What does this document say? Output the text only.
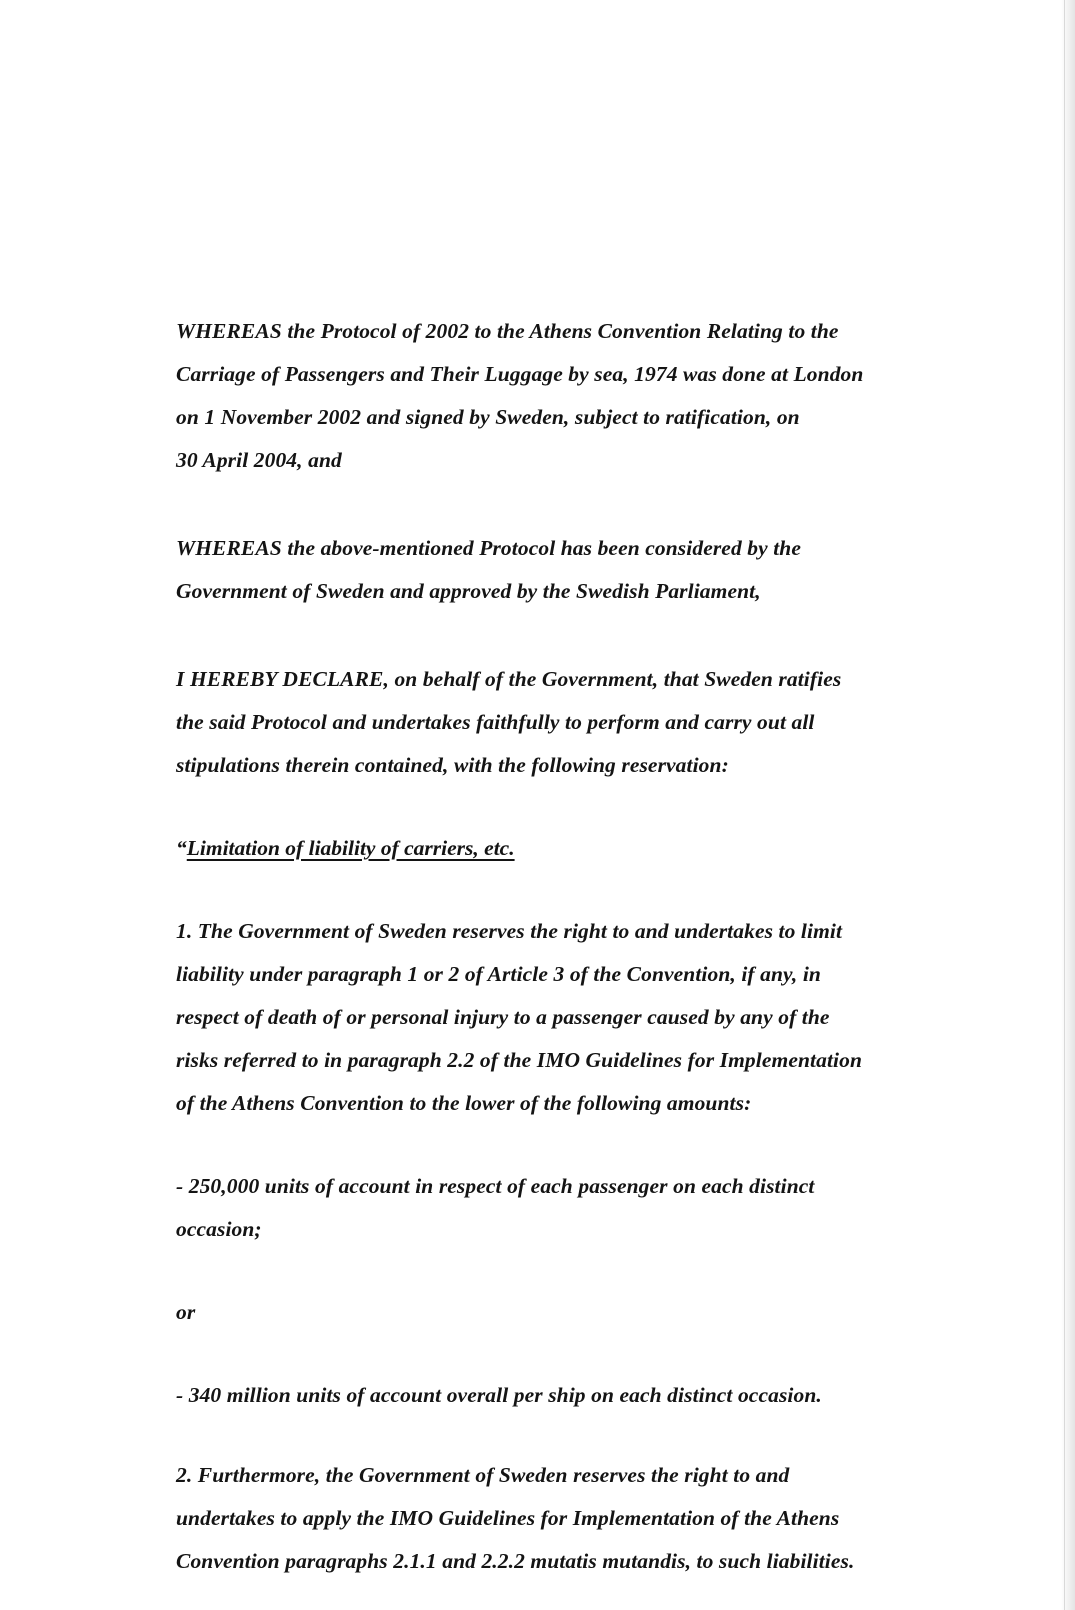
WHEREAS the Protocol of 2002 to the Athens Convention Relating to the
Carriage of Passengers and Their Luggage by sea, 1974 was done at London
on 1 November 2002 and signed by Sweden, subject to ratification, on
30 April 2004, and

WHEREAS the above-mentioned Protocol has been considered by the
Government of Sweden and approved by the Swedish Parliament,

I HEREBY DECLARE, on behalf of the Government, that Sweden ratifies
the said Protocol and undertakes faithfully to perform and carry out all
stipulations therein contained, with the following reservation:

“Limitation of liability of carriers, etc.

1. The Government of Sweden reserves the right to and undertakes to limit
liability under paragraph 1 or 2 of Article 3 of the Convention, if any, in
respect of death of or personal injury to a passenger caused by any of the
risks referred to in paragraph 2.2 of the IMO Guidelines for Implementation
of the Athens Convention to the lower of the following amounts:

- 250,000 units of account in respect of each passenger on each distinct
occasion;

or

- 340 million units of account overall per ship on each distinct occasion.

2. Furthermore, the Government of Sweden reserves the right to and
undertakes to apply the IMO Guidelines for Implementation of the Athens
Convention paragraphs 2.1.1 and 2.2.2 mutatis mutandis, to such liabilities.
